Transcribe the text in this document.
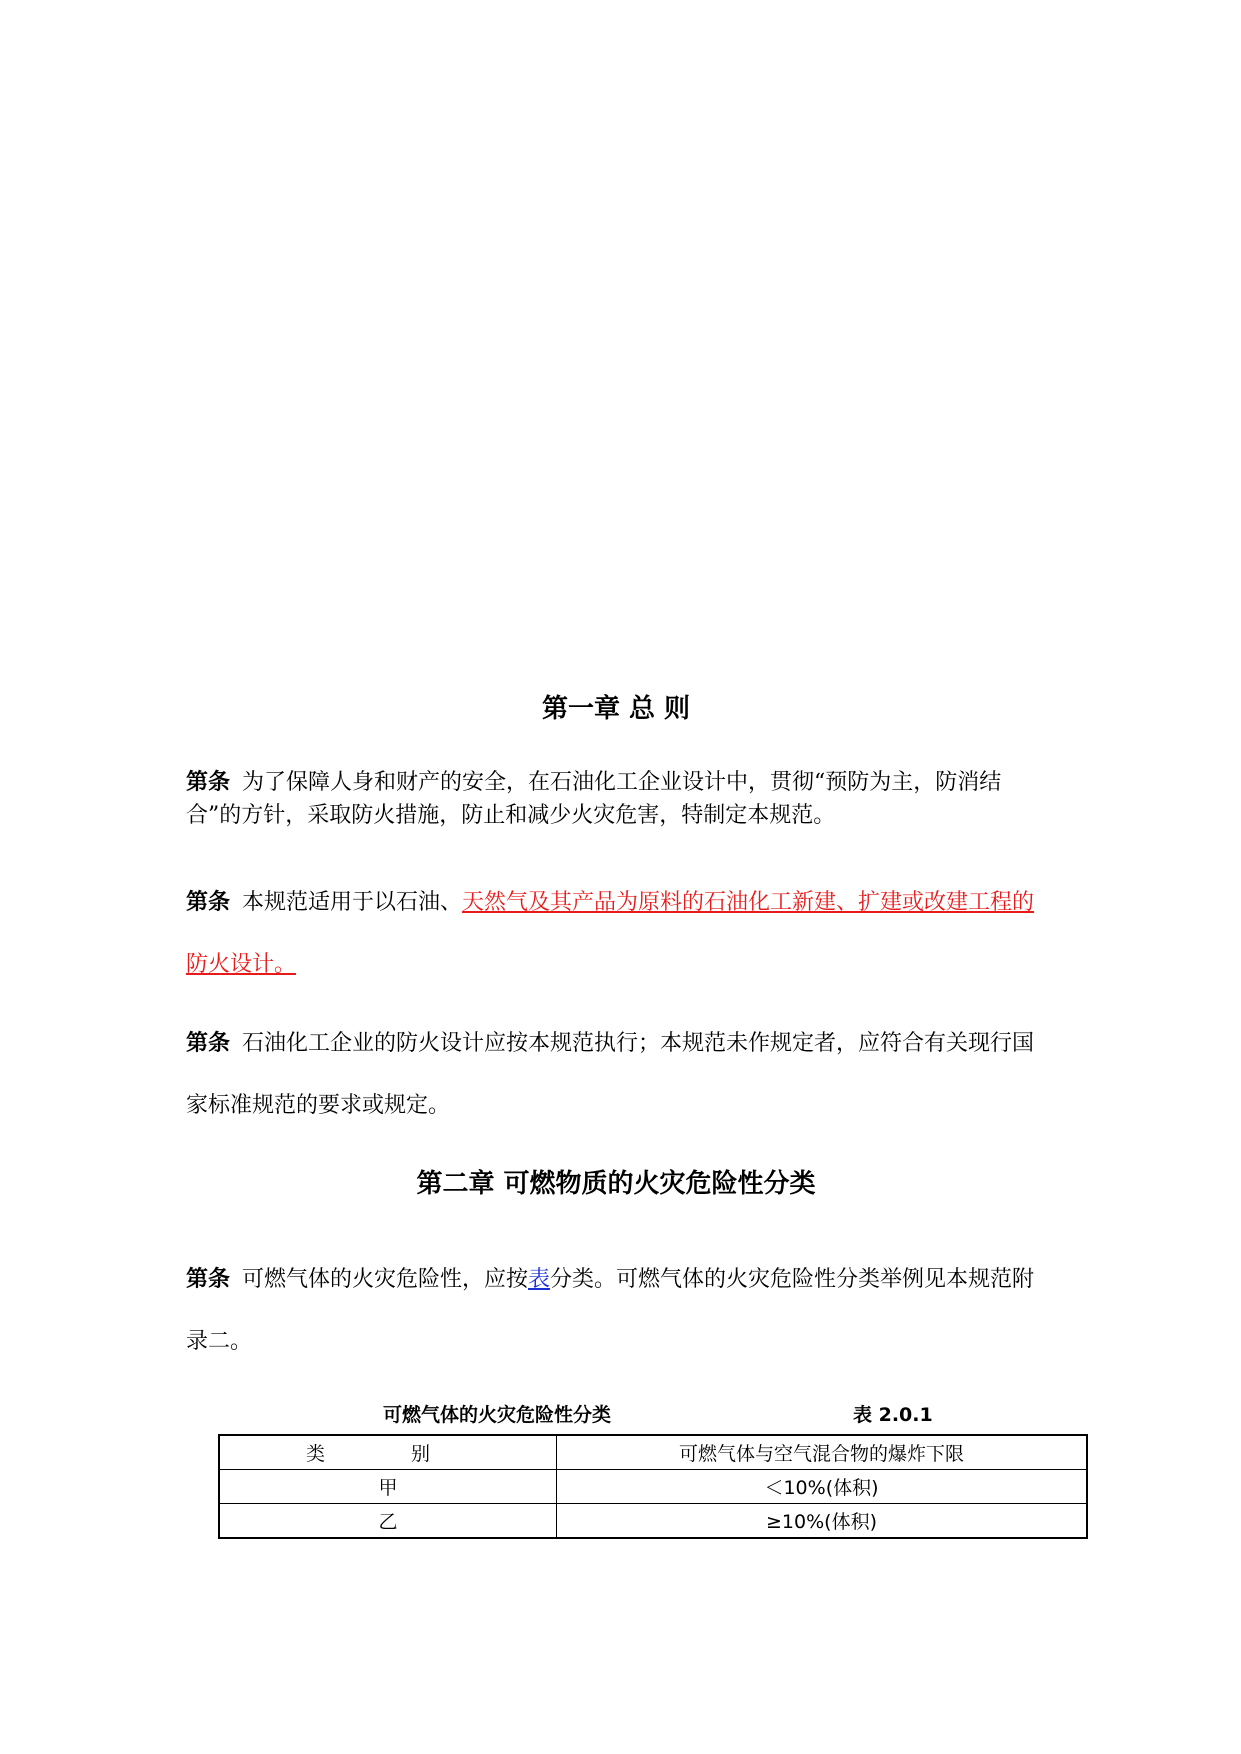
第一章 总 则

第条 为了保障人身和财产的安全，在石油化工企业设计中，贯彻“预防为主，防消结合”的方针，采取防火措施，防止和减少火灾危害，特制定本规范。

第条 本规范适用于以石油、天然气及其产品为原料的石油化工新建、扩建或改建工程的防火设计。

第条 石油化工企业的防火设计应按本规范执行；本规范未作规定者，应符合有关现行国家标准规范的要求或规定。

第二章 可燃物质的火灾危险性分类

第条 可燃气体的火灾危险性，应按表分类。可燃气体的火灾危险性分类举例见本规范附录二。

可燃气体的火灾危险性分类	表 2.0.1
类 别	可燃气体与空气混合物的爆炸下限
甲	＜10%(体积)
乙	≥10%(体积)
